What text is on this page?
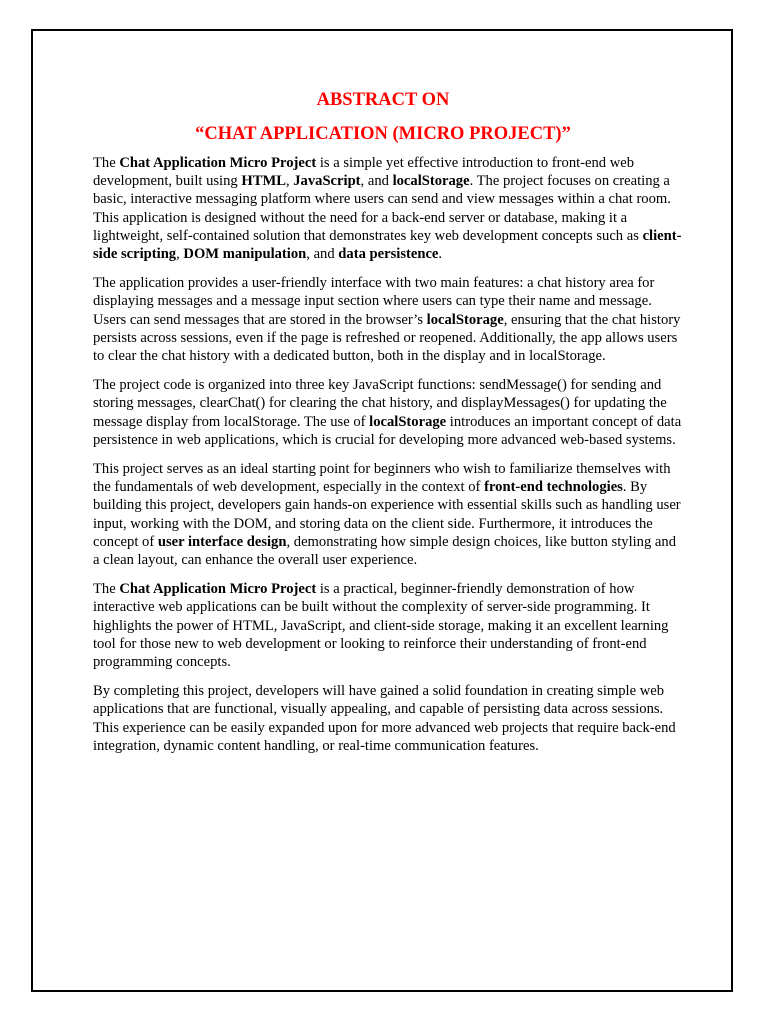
ABSTRACT ON
“CHAT APPLICATION (MICRO PROJECT)”

The Chat Application Micro Project is a simple yet effective introduction to front-end web development, built using HTML, JavaScript, and localStorage. The project focuses on creating a basic, interactive messaging platform where users can send and view messages within a chat room. This application is designed without the need for a back-end server or database, making it a lightweight, self-contained solution that demonstrates key web development concepts such as client-side scripting, DOM manipulation, and data persistence.

The application provides a user-friendly interface with two main features: a chat history area for displaying messages and a message input section where users can type their name and message. Users can send messages that are stored in the browser’s localStorage, ensuring that the chat history persists across sessions, even if the page is refreshed or reopened. Additionally, the app allows users to clear the chat history with a dedicated button, both in the display and in localStorage.

The project code is organized into three key JavaScript functions: sendMessage() for sending and storing messages, clearChat() for clearing the chat history, and displayMessages() for updating the message display from localStorage. The use of localStorage introduces an important concept of data persistence in web applications, which is crucial for developing more advanced web-based systems.

This project serves as an ideal starting point for beginners who wish to familiarize themselves with the fundamentals of web development, especially in the context of front-end technologies. By building this project, developers gain hands-on experience with essential skills such as handling user input, working with the DOM, and storing data on the client side. Furthermore, it introduces the concept of user interface design, demonstrating how simple design choices, like button styling and a clean layout, can enhance the overall user experience.

The Chat Application Micro Project is a practical, beginner-friendly demonstration of how interactive web applications can be built without the complexity of server-side programming. It highlights the power of HTML, JavaScript, and client-side storage, making it an excellent learning tool for those new to web development or looking to reinforce their understanding of front-end programming concepts.

By completing this project, developers will have gained a solid foundation in creating simple web applications that are functional, visually appealing, and capable of persisting data across sessions. This experience can be easily expanded upon for more advanced web projects that require back-end integration, dynamic content handling, or real-time communication features.
